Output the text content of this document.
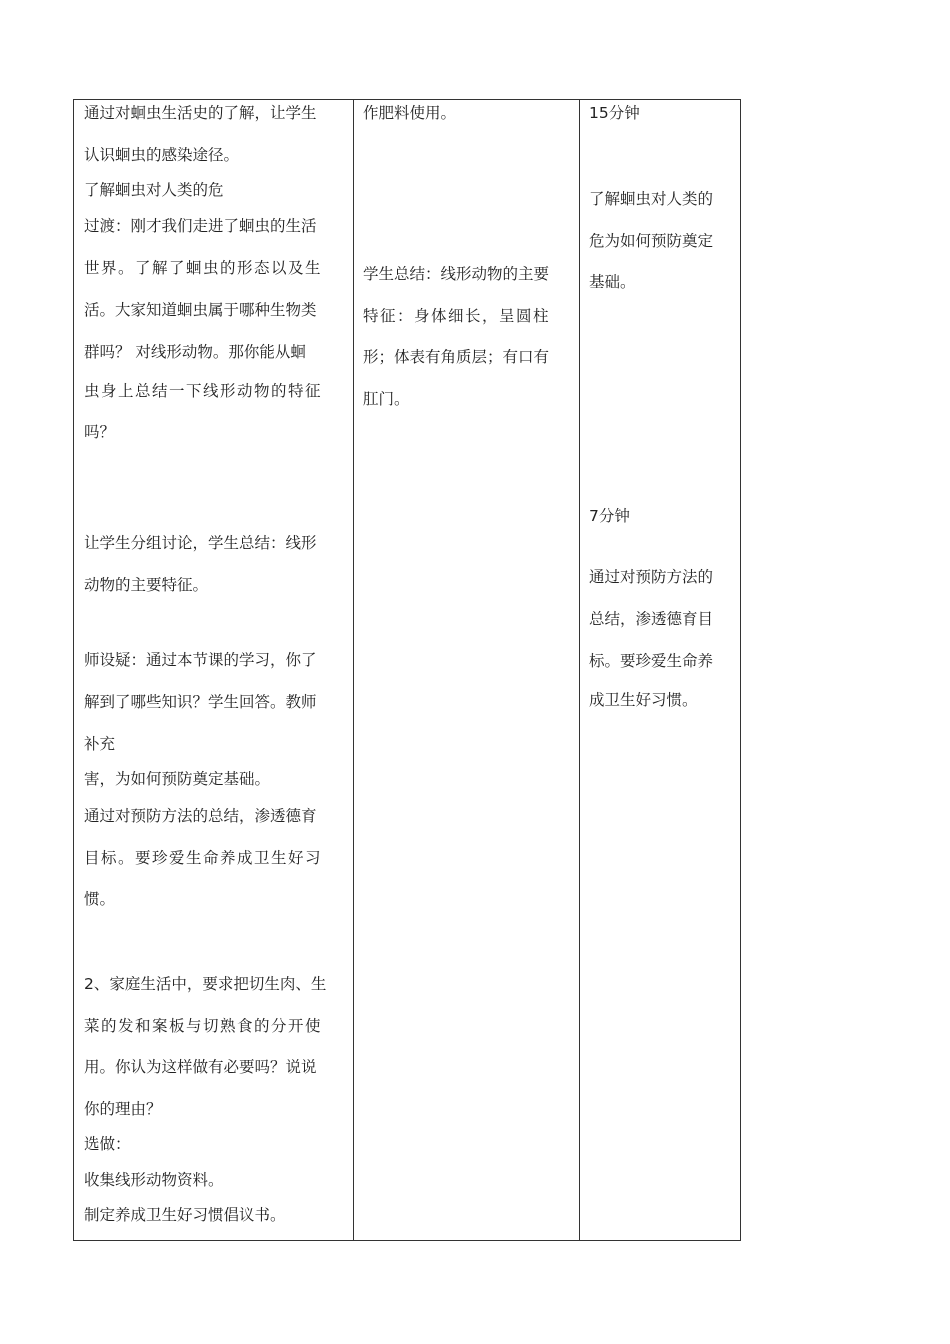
通过对蛔虫生活史的了解，让学生

认识蛔虫的感染途径。

了解蛔虫对人类的危

过渡：刚才我们走进了蛔虫的生活

世界。了解了蛔虫的形态以及生

活。大家知道蛔虫属于哪种生物类

群吗？ 对线形动物。那你能从蛔

虫身上总结一下线形动物的特征

吗？

让学生分组讨论，学生总结：线形

动物的主要特征。

师设疑：通过本节课的学习，你了

解到了哪些知识？学生回答。教师

补充

害，为如何预防奠定基础。

通过对预防方法的总结，渗透德育

目标。要珍爱生命养成卫生好习

惯。

2、家庭生活中，要求把切生肉、生

菜的发和案板与切熟食的分开使

用。你认为这样做有必要吗？说说

你的理由？

选做：

收集线形动物资料。

制定养成卫生好习惯倡议书。

作肥料使用。

学生总结：线形动物的主要

特征：身体细长，呈圆柱

形；体表有角质层；有口有

肛门。

15分钟

了解蛔虫对人类的

危为如何预防奠定

基础。

7分钟

通过对预防方法的

总结，渗透德育目

标。要珍爱生命养

成卫生好习惯。
